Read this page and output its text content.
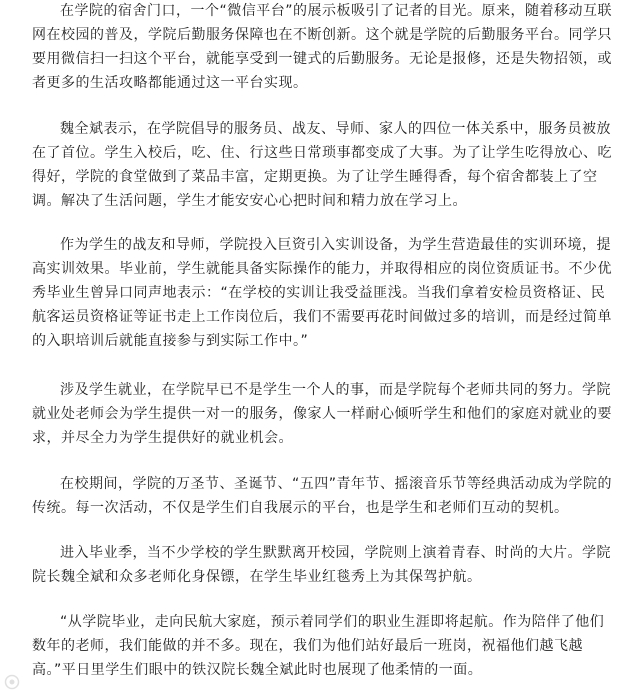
在学院的宿舍门口，一个“微信平台”的展示板吸引了记者的目光。原来，随着移动互联网在校园的普及，学院后勤服务保障也在不断创新。这个就是学院的后勤服务平台。同学只要用微信扫一扫这个平台，就能享受到一键式的后勤服务。无论是报修，还是失物招领，或者更多的生活攻略都能通过这一平台实现。

魏全斌表示，在学院倡导的服务员、战友、导师、家人的四位一体关系中，服务员被放在了首位。学生入校后，吃、住、行这些日常琐事都变成了大事。为了让学生吃得放心、吃得好，学院的食堂做到了菜品丰富，定期更换。为了让学生睡得香，每个宿舍都装上了空调。解决了生活问题，学生才能安安心心把时间和精力放在学习上。

作为学生的战友和导师，学院投入巨资引入实训设备，为学生营造最佳的实训环境，提高实训效果。毕业前，学生就能具备实际操作的能力，并取得相应的岗位资质证书。不少优秀毕业生曾异口同声地表示：“在学校的实训让我受益匪浅。当我们拿着安检员资格证、民航客运员资格证等证书走上工作岗位后，我们不需要再花时间做过多的培训，而是经过简单的入职培训后就能直接参与到实际工作中。”

涉及学生就业，在学院早已不是学生一个人的事，而是学院每个老师共同的努力。学院就业处老师会为学生提供一对一的服务，像家人一样耐心倾听学生和他们的家庭对就业的要求，并尽全力为学生提供好的就业机会。

在校期间，学院的万圣节、圣诞节、“五四”青年节、摇滚音乐节等经典活动成为学院的传统。每一次活动，不仅是学生们自我展示的平台，也是学生和老师们互动的契机。

进入毕业季，当不少学校的学生默默离开校园，学院则上演着青春、时尚的大片。学院院长魏全斌和众多老师化身保镖，在学生毕业红毯秀上为其保驾护航。

“从学院毕业，走向民航大家庭，预示着同学们的职业生涯即将起航。作为陪伴了他们数年的老师，我们能做的并不多。现在，我们为他们站好最后一班岗，祝福他们越飞越高。”平日里学生们眼中的铁汉院长魏全斌此时也展现了他柔情的一面。
